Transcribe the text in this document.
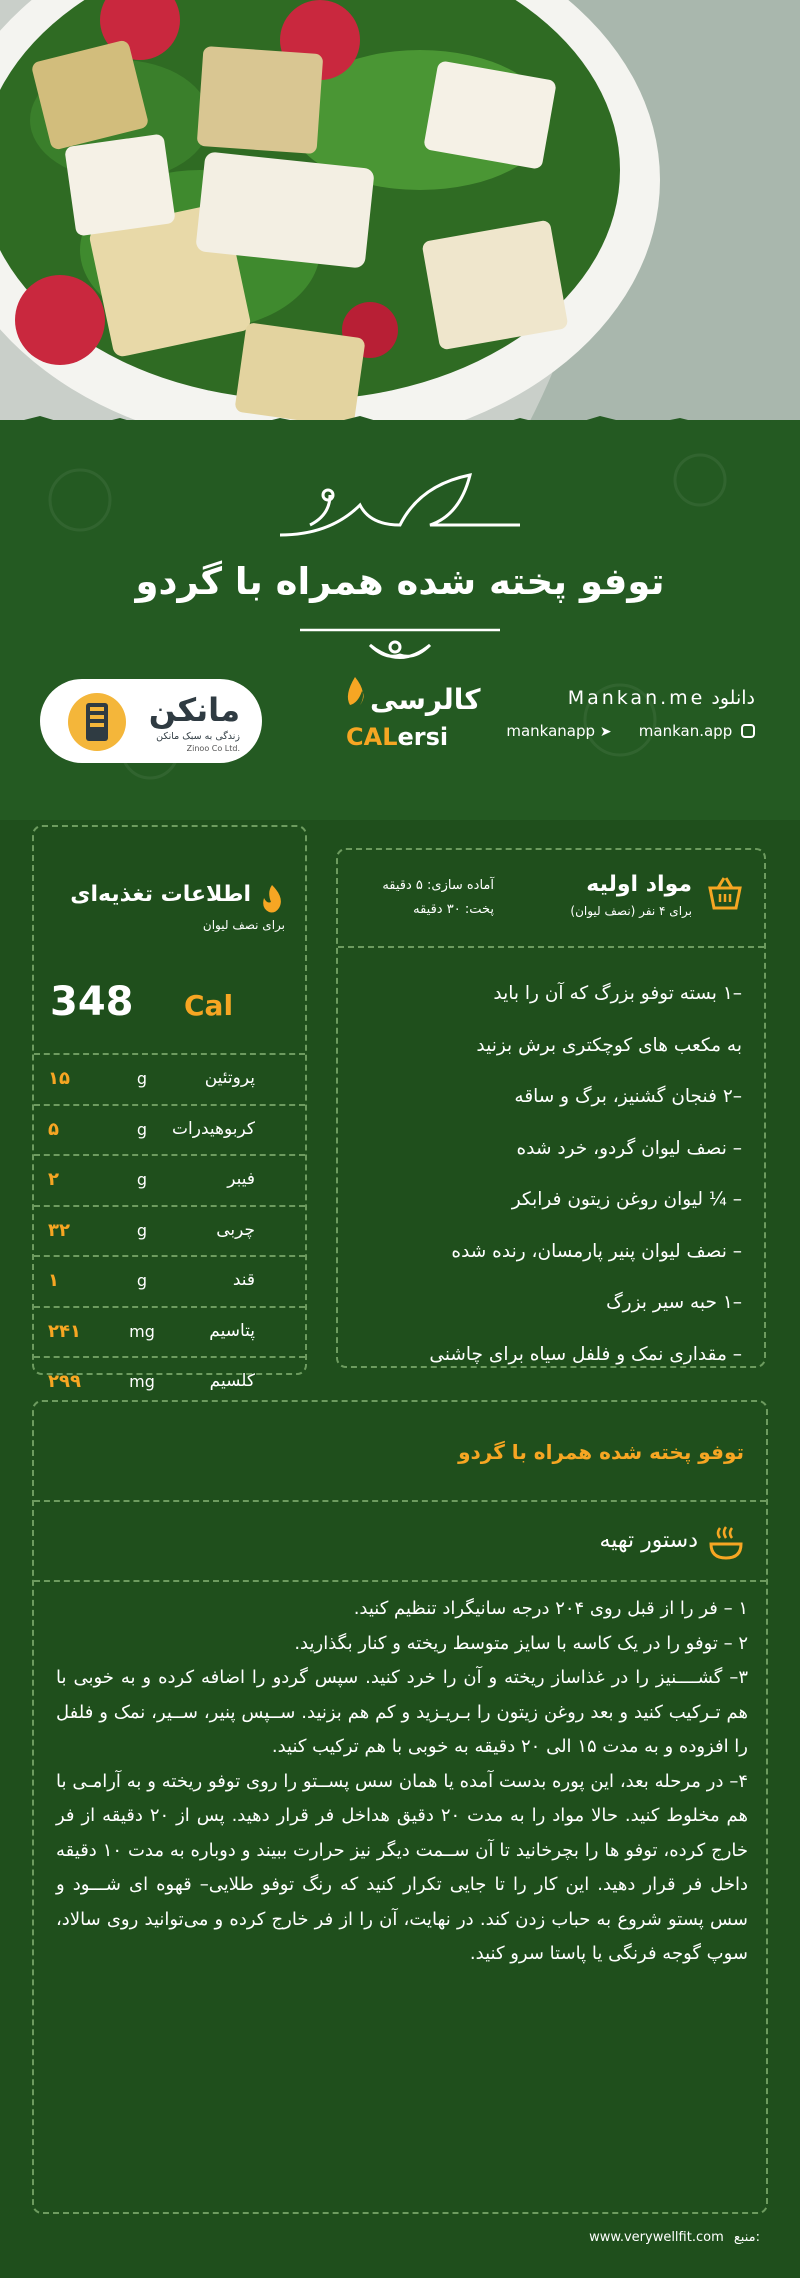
توفو پخته شده همراه با گردو
مانکن
زندگی به سبک مانکن
Zinoo Co Ltd.
کالرسی
CALersi
دانلود Mankan.me
mankanapp ➤  mankan.app
مواد اولیه
برای ۴ نفر (نصف لیوان)
آماده سازی: ۵ دقیقه
پخت: ۳۰ دقیقه
–۱ بسته توفو بزرگ که آن را باید
به مکعب های کوچکتری برش بزنید
–۲ فنجان گشنیز، برگ و ساقه
– نصف لیوان گردو، خرد شده
– ¼ لیوان روغن زیتون فرابکر
– نصف لیوان پنیر پارمسان، رنده شده
–۱ حبه سیر بزرگ
– مقداری نمک و فلفل سیاه برای چاشنی
اطلاعات تغذیه‌ای
برای نصف لیوان
348 Cal
۱۵	g	پروتئین
۵	g	کربوهیدرات
۲	g	فیبر
۳۲	g	چربی
۱	g	قند
۲۴۱	mg	پتاسیم
۲۹۹	mg	کلسیم
توفو پخته شده همراه با گردو
دستور تهیه

۱ – فر را از قبل روی ۲۰۴ درجه سانیگراد تنظیم کنید.

۲ – توفو را در یک کاسه با سایز متوسط ریخته و کنار بگذارید.

۳– گشــــنیز را در غذاساز ریخته و آن را خرد کنید. سپس گردو را اضافه کرده و به خوبی با هم تـرکیب کنید و بعد روغن زیتون را بـریـزید و کم هم بزنید. ســپس پنیر، ســیر، نمک و فلفل را افزوده و به مدت ۱۵ الی ۲۰ دقیقه به خوبی با هم ترکیب کنید.

۴– در مرحله بعد، این پوره بدست آمده یا همان سس پســتو را روی توفو ریخته و به آرامـی با هم مخلوط کنید. حالا مواد را به مدت ۲۰ دقیق هداخل فر قرار دهید. پس از ۲۰ دقیقه از فر خارج کرده، توفو ها را بچرخانید تا آن ســمت دیگر نیز حرارت ببیند و دوباره به مدت ۱۰ دقیقه داخل فر قرار دهید. این کار را تا جایی تکرار کنید که رنگ توفو طلایی– قهوه ای شـــود و سس پستو شروع به حباب زدن کند. در نهایت، آن را از فر خارج کرده و می‌توانید روی سالاد، سوپ گوجه فرنگی یا پاستا سرو کنید.

www.verywellfit.com منبع:
